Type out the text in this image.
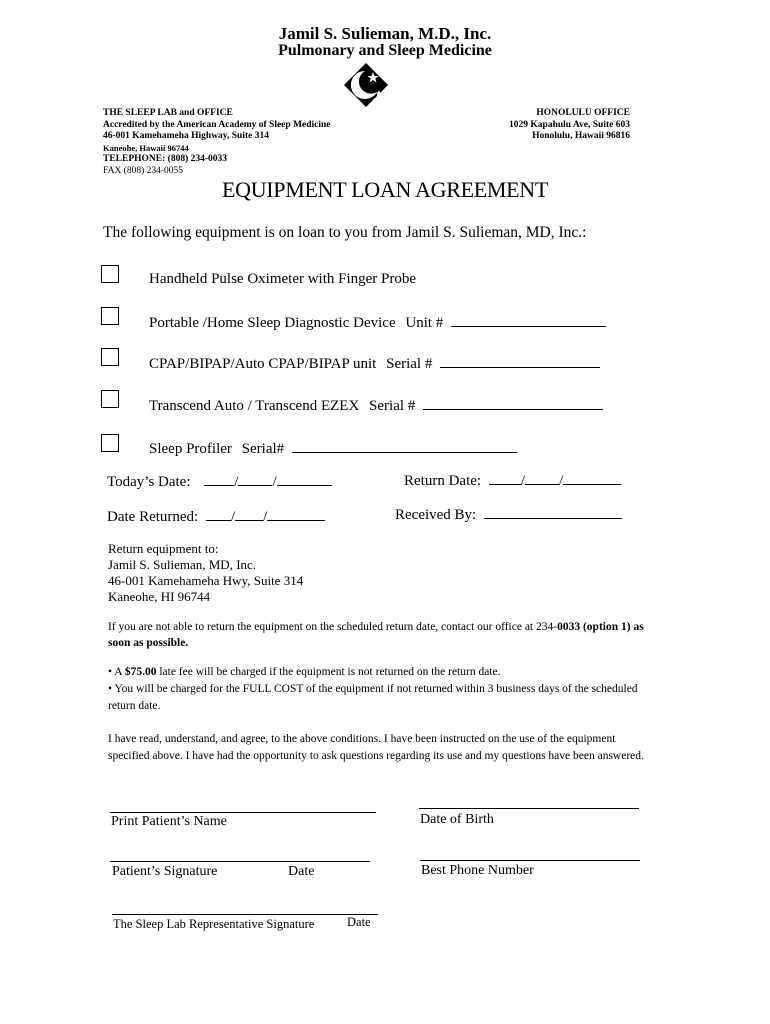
Jamil S. Sulieman, M.D., Inc.
Pulmonary and Sleep Medicine
THE SLEEP LAB and OFFICE
Accredited by the American Academy of Sleep Medicine
46-001 Kamehameha Highway, Suite 314
Kaneohe, Hawaii 96744
TELEPHONE: (808) 234-0033
FAX (808) 234-0055
HONOLULU OFFICE
1029 Kapahulu Ave, Suite 603
Honolulu, Hawaii 96816
EQUIPMENT LOAN AGREEMENT
The following equipment is on loan to you from Jamil S. Sulieman, MD, Inc.:
Handheld Pulse Oximeter with Finger Probe
Portable /Home Sleep Diagnostic Device Unit #
CPAP/BIPAP/Auto CPAP/BIPAP unit Serial #
Transcend Auto / Transcend EZEX Serial #
Sleep Profiler Serial#
Today’s Date:	/ /	Return Date:	/ /
Date Returned: / /	Received By:
Return equipment to:
Jamil S. Sulieman, MD, Inc.
46-001 Kamehameha Hwy, Suite 314
Kaneohe, HI 96744
If you are not able to return the equipment on the scheduled return date, contact our office at 234-0033 (option 1) as soon as possible.
• A $75.00 late fee will be charged if the equipment is not returned on the return date.
• You will be charged for the FULL COST of the equipment if not returned within 3 business days of the scheduled return date.
I have read, understand, and agree, to the above conditions. I have been instructed on the use of the equipment specified above. I have had the opportunity to ask questions regarding its use and my questions have been answered.
Print Patient’s Name	Date of Birth
Patient’s Signature	Date	Best Phone Number
The Sleep Lab Representative Signature	Date
